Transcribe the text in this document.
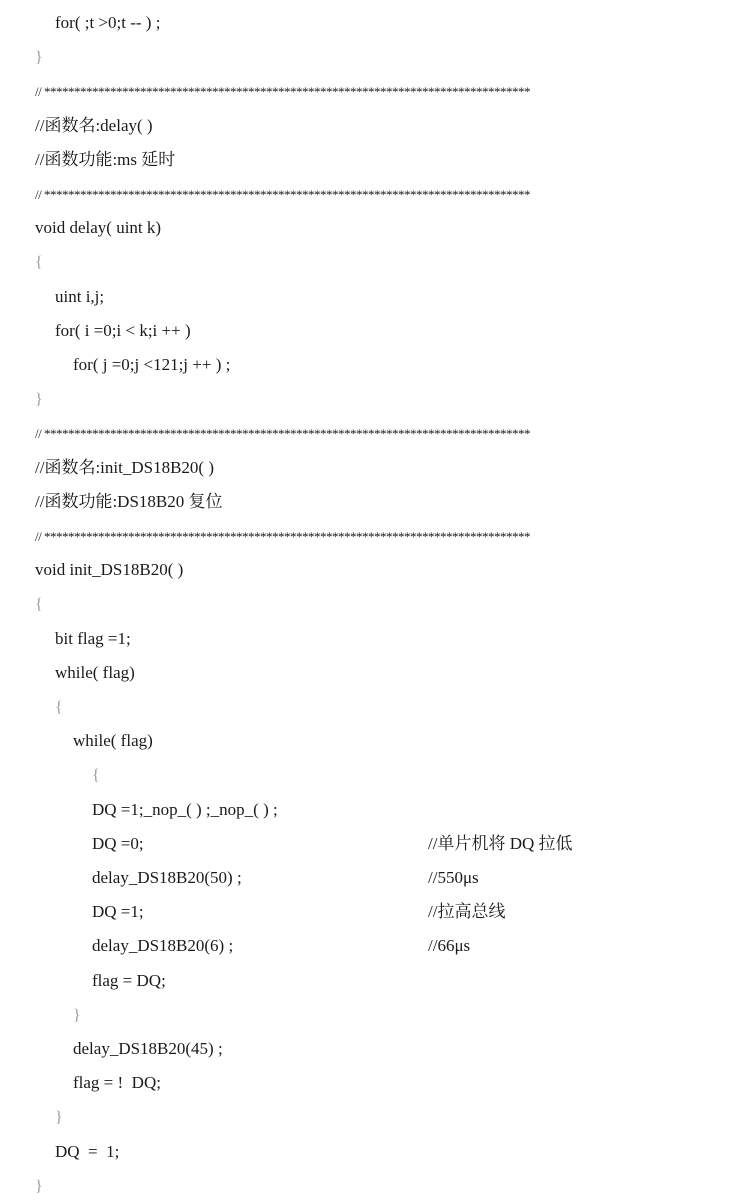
for( ;t >0;t -- ) ;
}
// *********************************************************************************
//函数名:delay( )
//函数功能:ms 延时
// *********************************************************************************
void delay( uint k)
{
uint i,j;
for( i =0;i < k;i ++ )
for( j =0;j <121;j ++ ) ;
}
// *********************************************************************************
//函数名:init_DS18B20( )
//函数功能:DS18B20 复位
// *********************************************************************************
void init_DS18B20( )
{
bit flag =1;
while( flag)
{
while( flag)
{
DQ =1;_nop_( ) ;_nop_( ) ;
DQ =0;	//单片机将 DQ 拉低
delay_DS18B20(50) ;	//550μs
DQ =1;	//拉高总线
delay_DS18B20(6) ;	//66μs
flag = DQ;
}
delay_DS18B20(45) ;
flag = !  DQ;
}
DQ  =  1;
}
